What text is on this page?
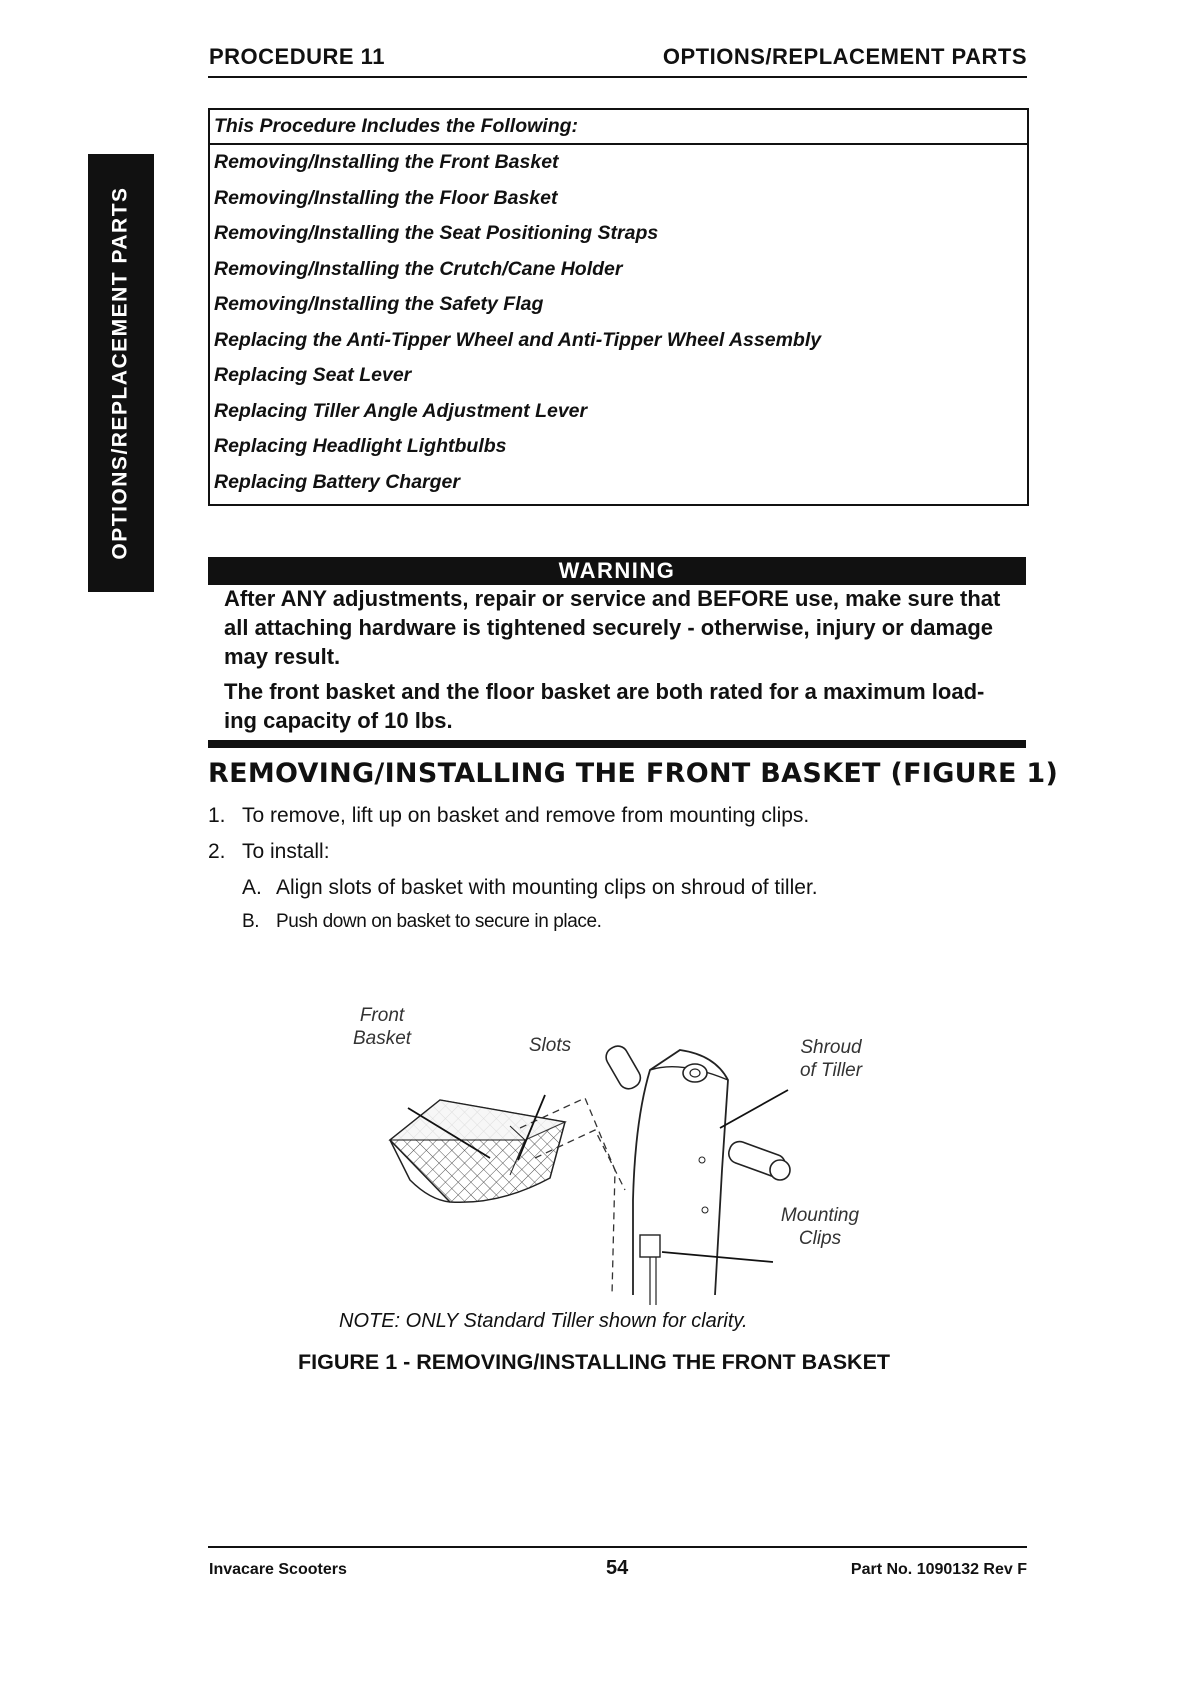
PROCEDURE 11	OPTIONS/REPLACEMENT PARTS
OPTIONS/REPLACEMENT PARTS
This Procedure Includes the Following:
Removing/Installing the Front Basket
Removing/Installing the Floor Basket
Removing/Installing the Seat Positioning Straps
Removing/Installing the Crutch/Cane Holder
Removing/Installing the Safety Flag
Replacing the Anti-Tipper Wheel and Anti-Tipper Wheel Assembly
Replacing Seat Lever
Replacing Tiller Angle Adjustment Lever
Replacing Headlight Lightbulbs
Replacing Battery Charger
WARNING
After ANY adjustments, repair or service and BEFORE use, make sure that all attaching hardware is tightened securely - otherwise, injury or damage may result.
The front basket and the floor basket are both rated for a maximum load-ing capacity of 10 lbs.
REMOVING/INSTALLING THE FRONT BASKET (FIGURE 1)
1. To remove, lift up on basket and remove from mounting clips.
2. To install:
A. Align slots of basket with mounting clips on shroud of tiller.
B. Push down on basket to secure in place.
Front
Basket	Slots	Shroud
of Tiller
Mounting
Clips
NOTE: ONLY Standard Tiller shown for clarity.
FIGURE 1 - REMOVING/INSTALLING THE FRONT BASKET
Invacare Scooters	54	Part No. 1090132 Rev F
